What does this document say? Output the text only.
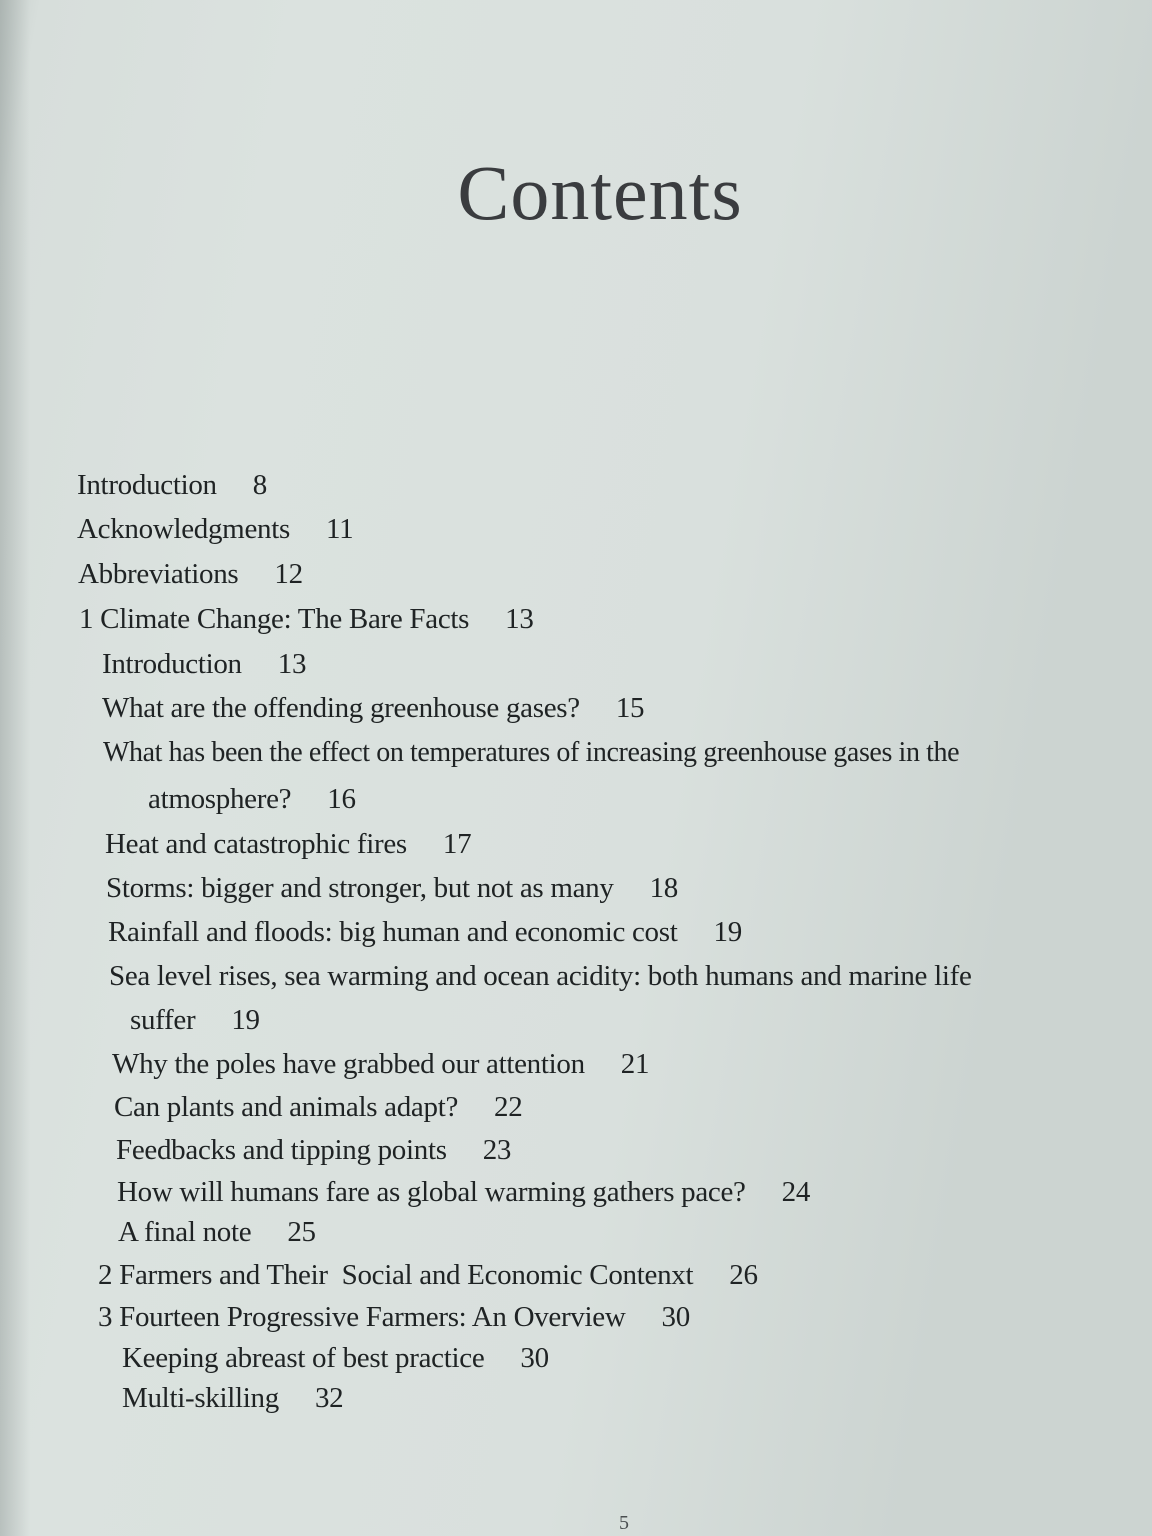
Contents
Introduction 8
Acknowledgments 11
Abbreviations 12
1 Climate Change: The Bare Facts 13
Introduction 13
What are the offending greenhouse gases? 15
What has been the effect on temperatures of increasing greenhouse gases in the
atmosphere? 16
Heat and catastrophic fires 17
Storms: bigger and stronger, but not as many 18
Rainfall and floods: big human and economic cost 19
Sea level rises, sea warming and ocean acidity: both humans and marine life
suffer 19
Why the poles have grabbed our attention 21
Can plants and animals adapt? 22
Feedbacks and tipping points 23
How will humans fare as global warming gathers pace? 24
A final note 25
2 Farmers and Their  Social and Economic Contenxt 26
3 Fourteen Progressive Farmers: An Overview 30
Keeping abreast of best practice 30
Multi-skilling 32
5
